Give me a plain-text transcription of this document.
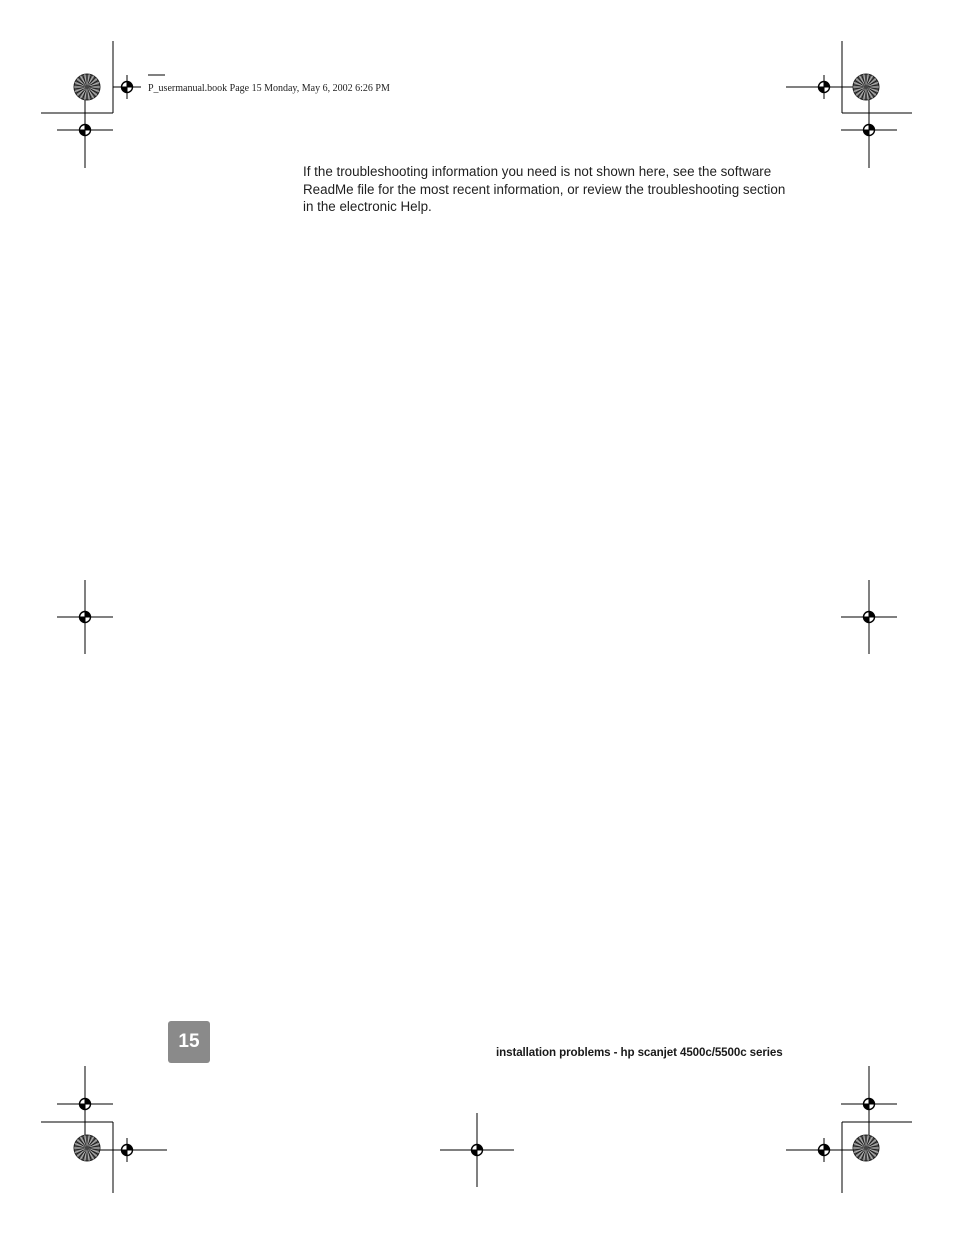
P_usermanual.book Page 15 Monday, May 6, 2002 6:26 PM
If the troubleshooting information you need is not shown here, see the software
ReadMe file for the most recent information, or review the troubleshooting section
in the electronic Help.
15
installation problems - hp scanjet 4500c/5500c series
